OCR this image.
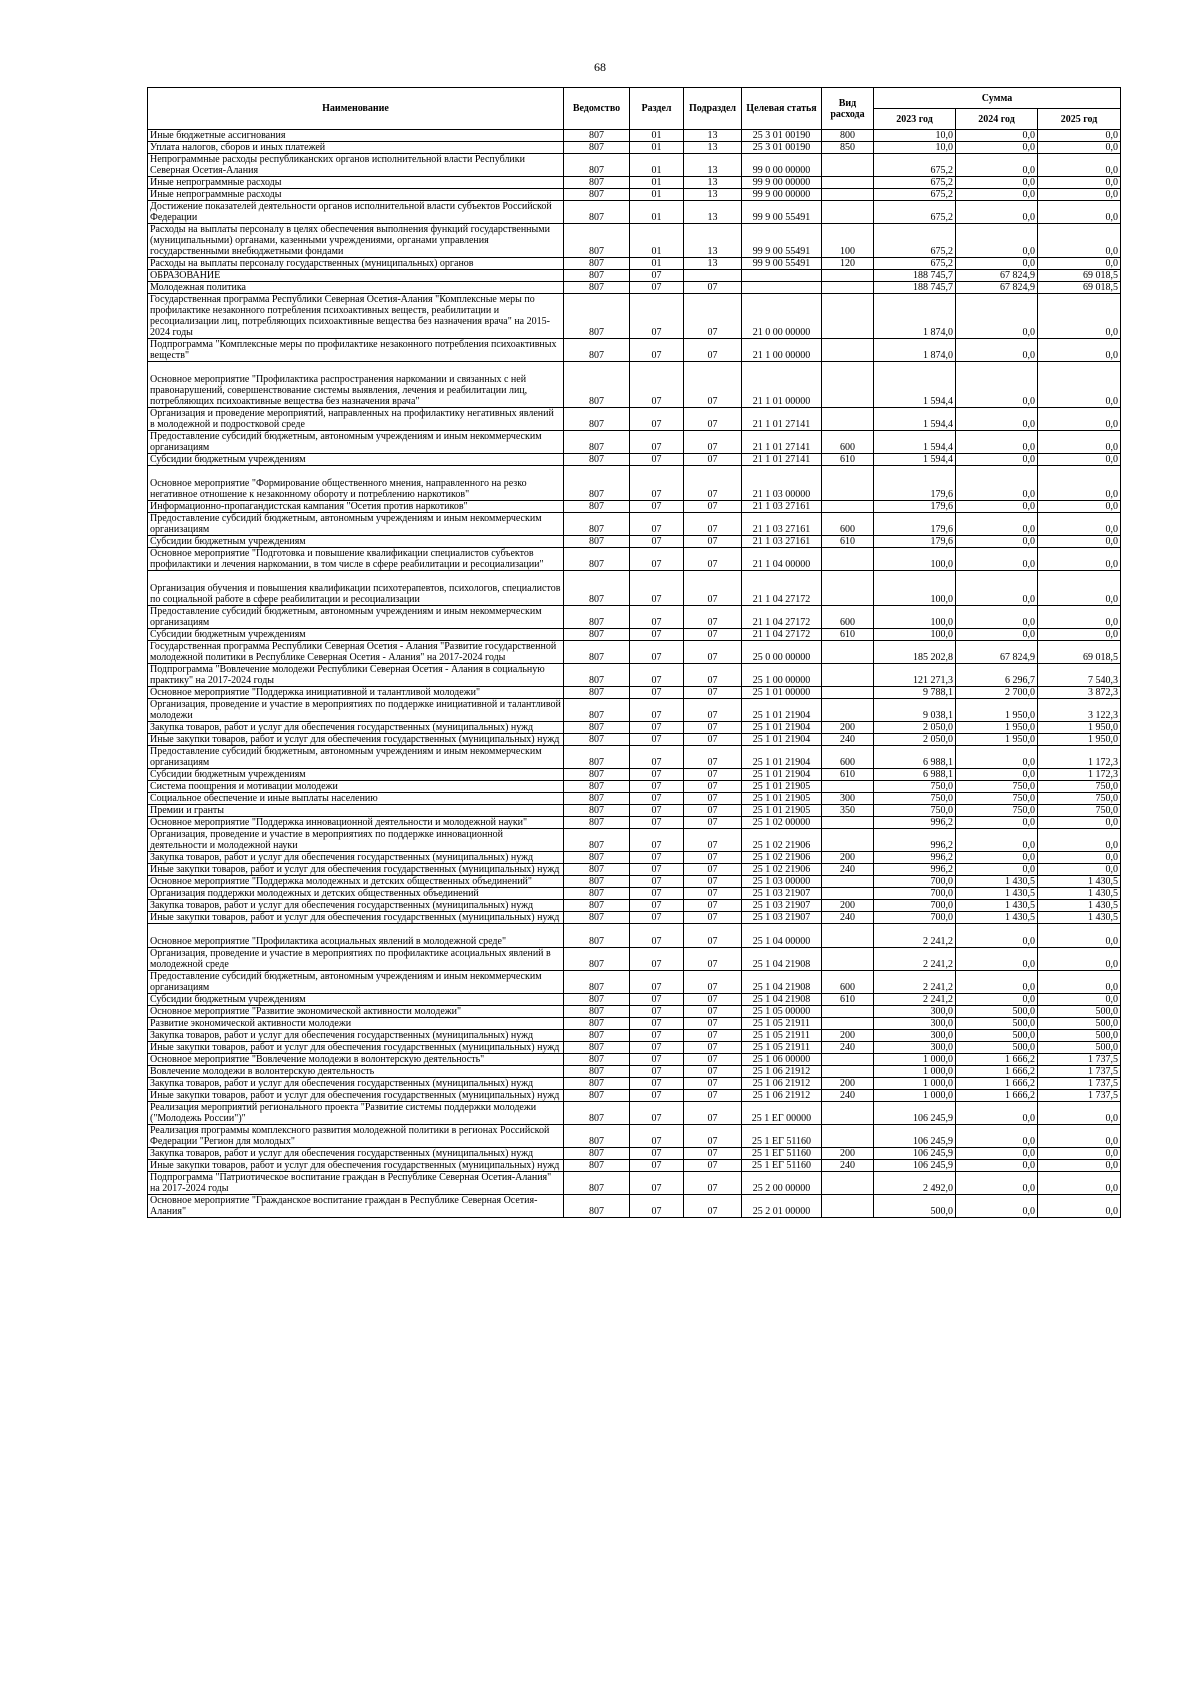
68
Наименование	Ведомство	Раздел	Подраздел	Целевая статья	Вид расхода	Сумма		
						2023 год	2024 год	2025 год
Иные бюджетные ассигнования	807	01	13	25 3 01 00190	800	10,0	0,0	0,0
Уплата налогов, сборов и иных платежей	807	01	13	25 3 01 00190	850	10,0	0,0	0,0
Непрограммные расходы республиканских органов исполнительной власти Республики Северная Осетия-Алания	807	01	13	99 0 00 00000		675,2	0,0	0,0
Иные непрограммные расходы	807	01	13	99 9 00 00000		675,2	0,0	0,0
Иные непрограммные расходы	807	01	13	99 9 00 00000		675,2	0,0	0,0
Достижение показателей деятельности органов исполнительной власти субъектов Российской Федерации	807	01	13	99 9 00 55491		675,2	0,0	0,0
Расходы на выплаты персоналу в целях обеспечения выполнения функций государственными (муниципальными) органами, казенными учреждениями, органами управления государственными внебюджетными фондами	807	01	13	99 9 00 55491	100	675,2	0,0	0,0
Расходы на выплаты персоналу государственных (муниципальных) органов	807	01	13	99 9 00 55491	120	675,2	0,0	0,0
ОБРАЗОВАНИЕ	807	07				188 745,7	67 824,9	69 018,5
Молодежная политика	807	07	07			188 745,7	67 824,9	69 018,5
Государственная программа Республики Северная Осетия-Алания "Комплексные меры по профилактике незаконного потребления психоактивных веществ, реабилитации и ресоциализации лиц, потребляющих психоактивные вещества без назначения врача" на 2015-2024 годы	807	07	07	21 0 00 00000		1 874,0	0,0	0,0
Подпрограмма "Комплексные меры по профилактике незаконного потребления психоактивных веществ"	807	07	07	21 1 00 00000		1 874,0	0,0	0,0
Основное мероприятие "Профилактика распространения наркомании и связанных с ней правонарушений, совершенствование системы выявления, лечения и реабилитации лиц, потребляющих психоактивные вещества без назначения врача"	807	07	07	21 1 01 00000		1 594,4	0,0	0,0
Организация и проведение мероприятий, направленных на профилактику негативных явлений в молодежной и подростковой среде	807	07	07	21 1 01 27141		1 594,4	0,0	0,0
Предоставление субсидий бюджетным, автономным учреждениям и иным некоммерческим организациям	807	07	07	21 1 01 27141	600	1 594,4	0,0	0,0
Субсидии бюджетным учреждениям	807	07	07	21 1 01 27141	610	1 594,4	0,0	0,0
Основное мероприятие "Формирование общественного мнения, направленного на резко негативное отношение к незаконному обороту и потреблению наркотиков"	807	07	07	21 1 03 00000		179,6	0,0	0,0
Информационно-пропагандистская кампания "Осетия против наркотиков"	807	07	07	21 1 03 27161		179,6	0,0	0,0
Предоставление субсидий бюджетным, автономным учреждениям и иным некоммерческим организациям	807	07	07	21 1 03 27161	600	179,6	0,0	0,0
Субсидии бюджетным учреждениям	807	07	07	21 1 03 27161	610	179,6	0,0	0,0
Основное мероприятие "Подготовка и повышение квалификации специалистов субъектов профилактики и лечения наркомании, в том числе в сфере реабилитации и ресоциализации"	807	07	07	21 1 04 00000		100,0	0,0	0,0
Организация обучения и повышения квалификации психотерапевтов, психологов, специалистов по социальной работе в сфере реабилитации и ресоциализации	807	07	07	21 1 04 27172		100,0	0,0	0,0
Предоставление субсидий бюджетным, автономным учреждениям и иным некоммерческим организациям	807	07	07	21 1 04 27172	600	100,0	0,0	0,0
Субсидии бюджетным учреждениям	807	07	07	21 1 04 27172	610	100,0	0,0	0,0
Государственная программа Республики Северная Осетия - Алания "Развитие государственной молодежной политики в Республике Северная Осетия - Алания" на 2017-2024 годы	807	07	07	25 0 00 00000		185 202,8	67 824,9	69 018,5
Подпрограмма "Вовлечение молодежи Республики Северная Осетия - Алания в социальную практику" на 2017-2024 годы	807	07	07	25 1 00 00000		121 271,3	6 296,7	7 540,3
Основное мероприятие "Поддержка инициативной и талантливой молодежи"	807	07	07	25 1 01 00000		9 788,1	2 700,0	3 872,3
Организация, проведение и участие в мероприятиях по поддержке инициативной и талантливой молодежи	807	07	07	25 1 01 21904		9 038,1	1 950,0	3 122,3
Закупка товаров, работ и услуг для обеспечения государственных (муниципальных) нужд	807	07	07	25 1 01 21904	200	2 050,0	1 950,0	1 950,0
Иные закупки товаров, работ и услуг для обеспечения государственных (муниципальных) нужд	807	07	07	25 1 01 21904	240	2 050,0	1 950,0	1 950,0
Предоставление субсидий бюджетным, автономным учреждениям и иным некоммерческим организациям	807	07	07	25 1 01 21904	600	6 988,1	0,0	1 172,3
Субсидии бюджетным учреждениям	807	07	07	25 1 01 21904	610	6 988,1	0,0	1 172,3
Система поощрения и мотивации молодежи	807	07	07	25 1 01 21905		750,0	750,0	750,0
Социальное обеспечение и иные выплаты населению	807	07	07	25 1 01 21905	300	750,0	750,0	750,0
Премии и гранты	807	07	07	25 1 01 21905	350	750,0	750,0	750,0
Основное мероприятие "Поддержка инновационной деятельности и молодежной науки"	807	07	07	25 1 02 00000		996,2	0,0	0,0
Организация, проведение и участие в мероприятиях по поддержке инновационной деятельности и молодежной науки	807	07	07	25 1 02 21906		996,2	0,0	0,0
Закупка товаров, работ и услуг для обеспечения государственных (муниципальных) нужд	807	07	07	25 1 02 21906	200	996,2	0,0	0,0
Иные закупки товаров, работ и услуг для обеспечения государственных (муниципальных) нужд	807	07	07	25 1 02 21906	240	996,2	0,0	0,0
Основное мероприятие "Поддержка молодежных и детских общественных объединений"	807	07	07	25 1 03 00000		700,0	1 430,5	1 430,5
Организация поддержки молодежных и детских общественных объединений	807	07	07	25 1 03 21907		700,0	1 430,5	1 430,5
Закупка товаров, работ и услуг для обеспечения государственных (муниципальных) нужд	807	07	07	25 1 03 21907	200	700,0	1 430,5	1 430,5
Иные закупки товаров, работ и услуг для обеспечения государственных (муниципальных) нужд	807	07	07	25 1 03 21907	240	700,0	1 430,5	1 430,5
Основное мероприятие "Профилактика асоциальных явлений в молодежной среде"	807	07	07	25 1 04 00000		2 241,2	0,0	0,0
Организация, проведение и участие в мероприятиях по профилактике асоциальных явлений в молодежной среде	807	07	07	25 1 04 21908		2 241,2	0,0	0,0
Предоставление субсидий бюджетным, автономным учреждениям и иным некоммерческим организациям	807	07	07	25 1 04 21908	600	2 241,2	0,0	0,0
Субсидии бюджетным учреждениям	807	07	07	25 1 04 21908	610	2 241,2	0,0	0,0
Основное мероприятие "Развитие экономической активности молодежи"	807	07	07	25 1 05 00000		300,0	500,0	500,0
Развитие экономической активности молодежи	807	07	07	25 1 05 21911		300,0	500,0	500,0
Закупка товаров, работ и услуг для обеспечения государственных (муниципальных) нужд	807	07	07	25 1 05 21911	200	300,0	500,0	500,0
Иные закупки товаров, работ и услуг для обеспечения государственных (муниципальных) нужд	807	07	07	25 1 05 21911	240	300,0	500,0	500,0
Основное мероприятие "Вовлечение молодежи в волонтерскую деятельность"	807	07	07	25 1 06 00000		1 000,0	1 666,2	1 737,5
Вовлечение молодежи в волонтерскую деятельность	807	07	07	25 1 06 21912		1 000,0	1 666,2	1 737,5
Закупка товаров, работ и услуг для обеспечения государственных (муниципальных) нужд	807	07	07	25 1 06 21912	200	1 000,0	1 666,2	1 737,5
Иные закупки товаров, работ и услуг для обеспечения государственных (муниципальных) нужд	807	07	07	25 1 06 21912	240	1 000,0	1 666,2	1 737,5
Реализация мероприятий регионального проекта "Развитие системы поддержки молодежи ("Молодежь России")"	807	07	07	25 1 ЕГ 00000		106 245,9	0,0	0,0
Реализация программы комплексного развития молодежной политики в регионах Российской Федерации "Регион для молодых"	807	07	07	25 1 ЕГ 51160		106 245,9	0,0	0,0
Закупка товаров, работ и услуг для обеспечения государственных (муниципальных) нужд	807	07	07	25 1 ЕГ 51160	200	106 245,9	0,0	0,0
Иные закупки товаров, работ и услуг для обеспечения государственных (муниципальных) нужд	807	07	07	25 1 ЕГ 51160	240	106 245,9	0,0	0,0
Подпрограмма "Патриотическое воспитание граждан в Республике Северная Осетия-Алания" на 2017-2024 годы	807	07	07	25 2 00 00000		2 492,0	0,0	0,0
Основное мероприятие "Гражданское воспитание граждан в Республике Северная Осетия- Алания"	807	07	07	25 2 01 00000		500,0	0,0	0,0
